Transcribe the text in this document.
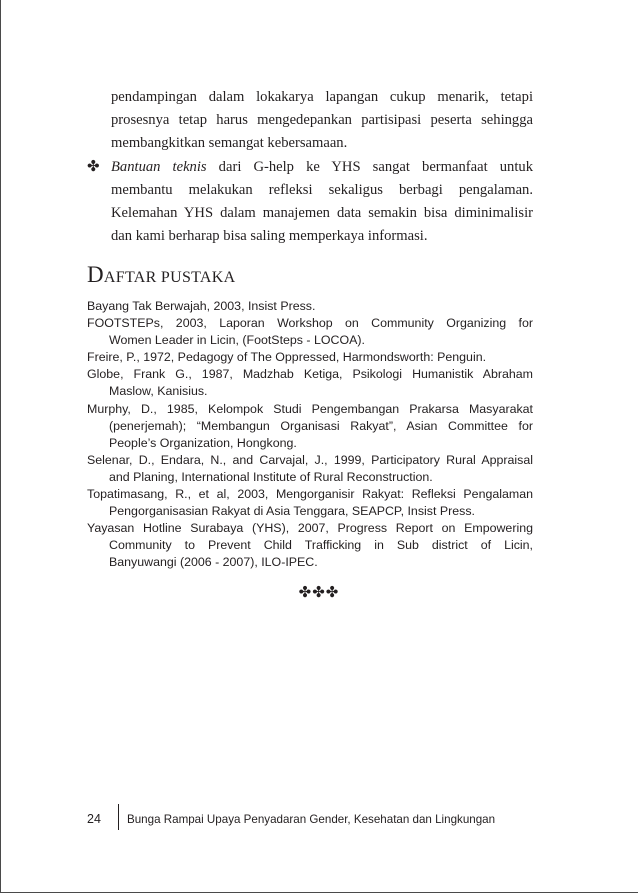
pendampingan dalam lokakarya lapangan cukup menarik, tetapi
prosesnya tetap harus mengedepankan partisipasi peserta sehingga
membangkitkan semangat kebersamaan.

✤ Bantuan teknis dari G-help ke YHS sangat bermanfaat untuk
membantu melakukan refleksi sekaligus berbagi pengalaman.
Kelemahan YHS dalam manajemen data semakin bisa diminimalisir
dan kami berharap bisa saling memperkaya informasi.
DAFTAR PUSTAKA

Bayang Tak Berwajah, 2003, Insist Press.

FOOTSTEPs, 2003, Laporan Workshop on Community Organizing for
Women Leader in Licin, (FootSteps - LOCOA).

Freire, P., 1972, Pedagogy of The Oppressed, Harmondsworth: Penguin.

Globe, Frank G., 1987, Madzhab Ketiga, Psikologi Humanistik Abraham
Maslow, Kanisius.

Murphy, D., 1985, Kelompok Studi Pengembangan Prakarsa Masyarakat
(penerjemah); “Membangun Organisasi Rakyat”, Asian Committee for
People’s Organization, Hongkong.

Selenar, D., Endara, N., and Carvajal, J., 1999, Participatory Rural Appraisal
and Planing, International Institute of Rural Reconstruction.

Topatimasang, R., et al, 2003, Mengorganisir Rakyat: Refleksi Pengalaman
Pengorganisasian Rakyat di Asia Tenggara, SEAPCP, Insist Press.

Yayasan Hotline Surabaya (YHS), 2007, Progress Report on Empowering
Community to Prevent Child Trafficking in Sub district of Licin,
Banyuwangi (2006 - 2007), ILO-IPEC.

✤✤✤
24 Bunga Rampai Upaya Penyadaran Gender, Kesehatan dan Lingkungan
